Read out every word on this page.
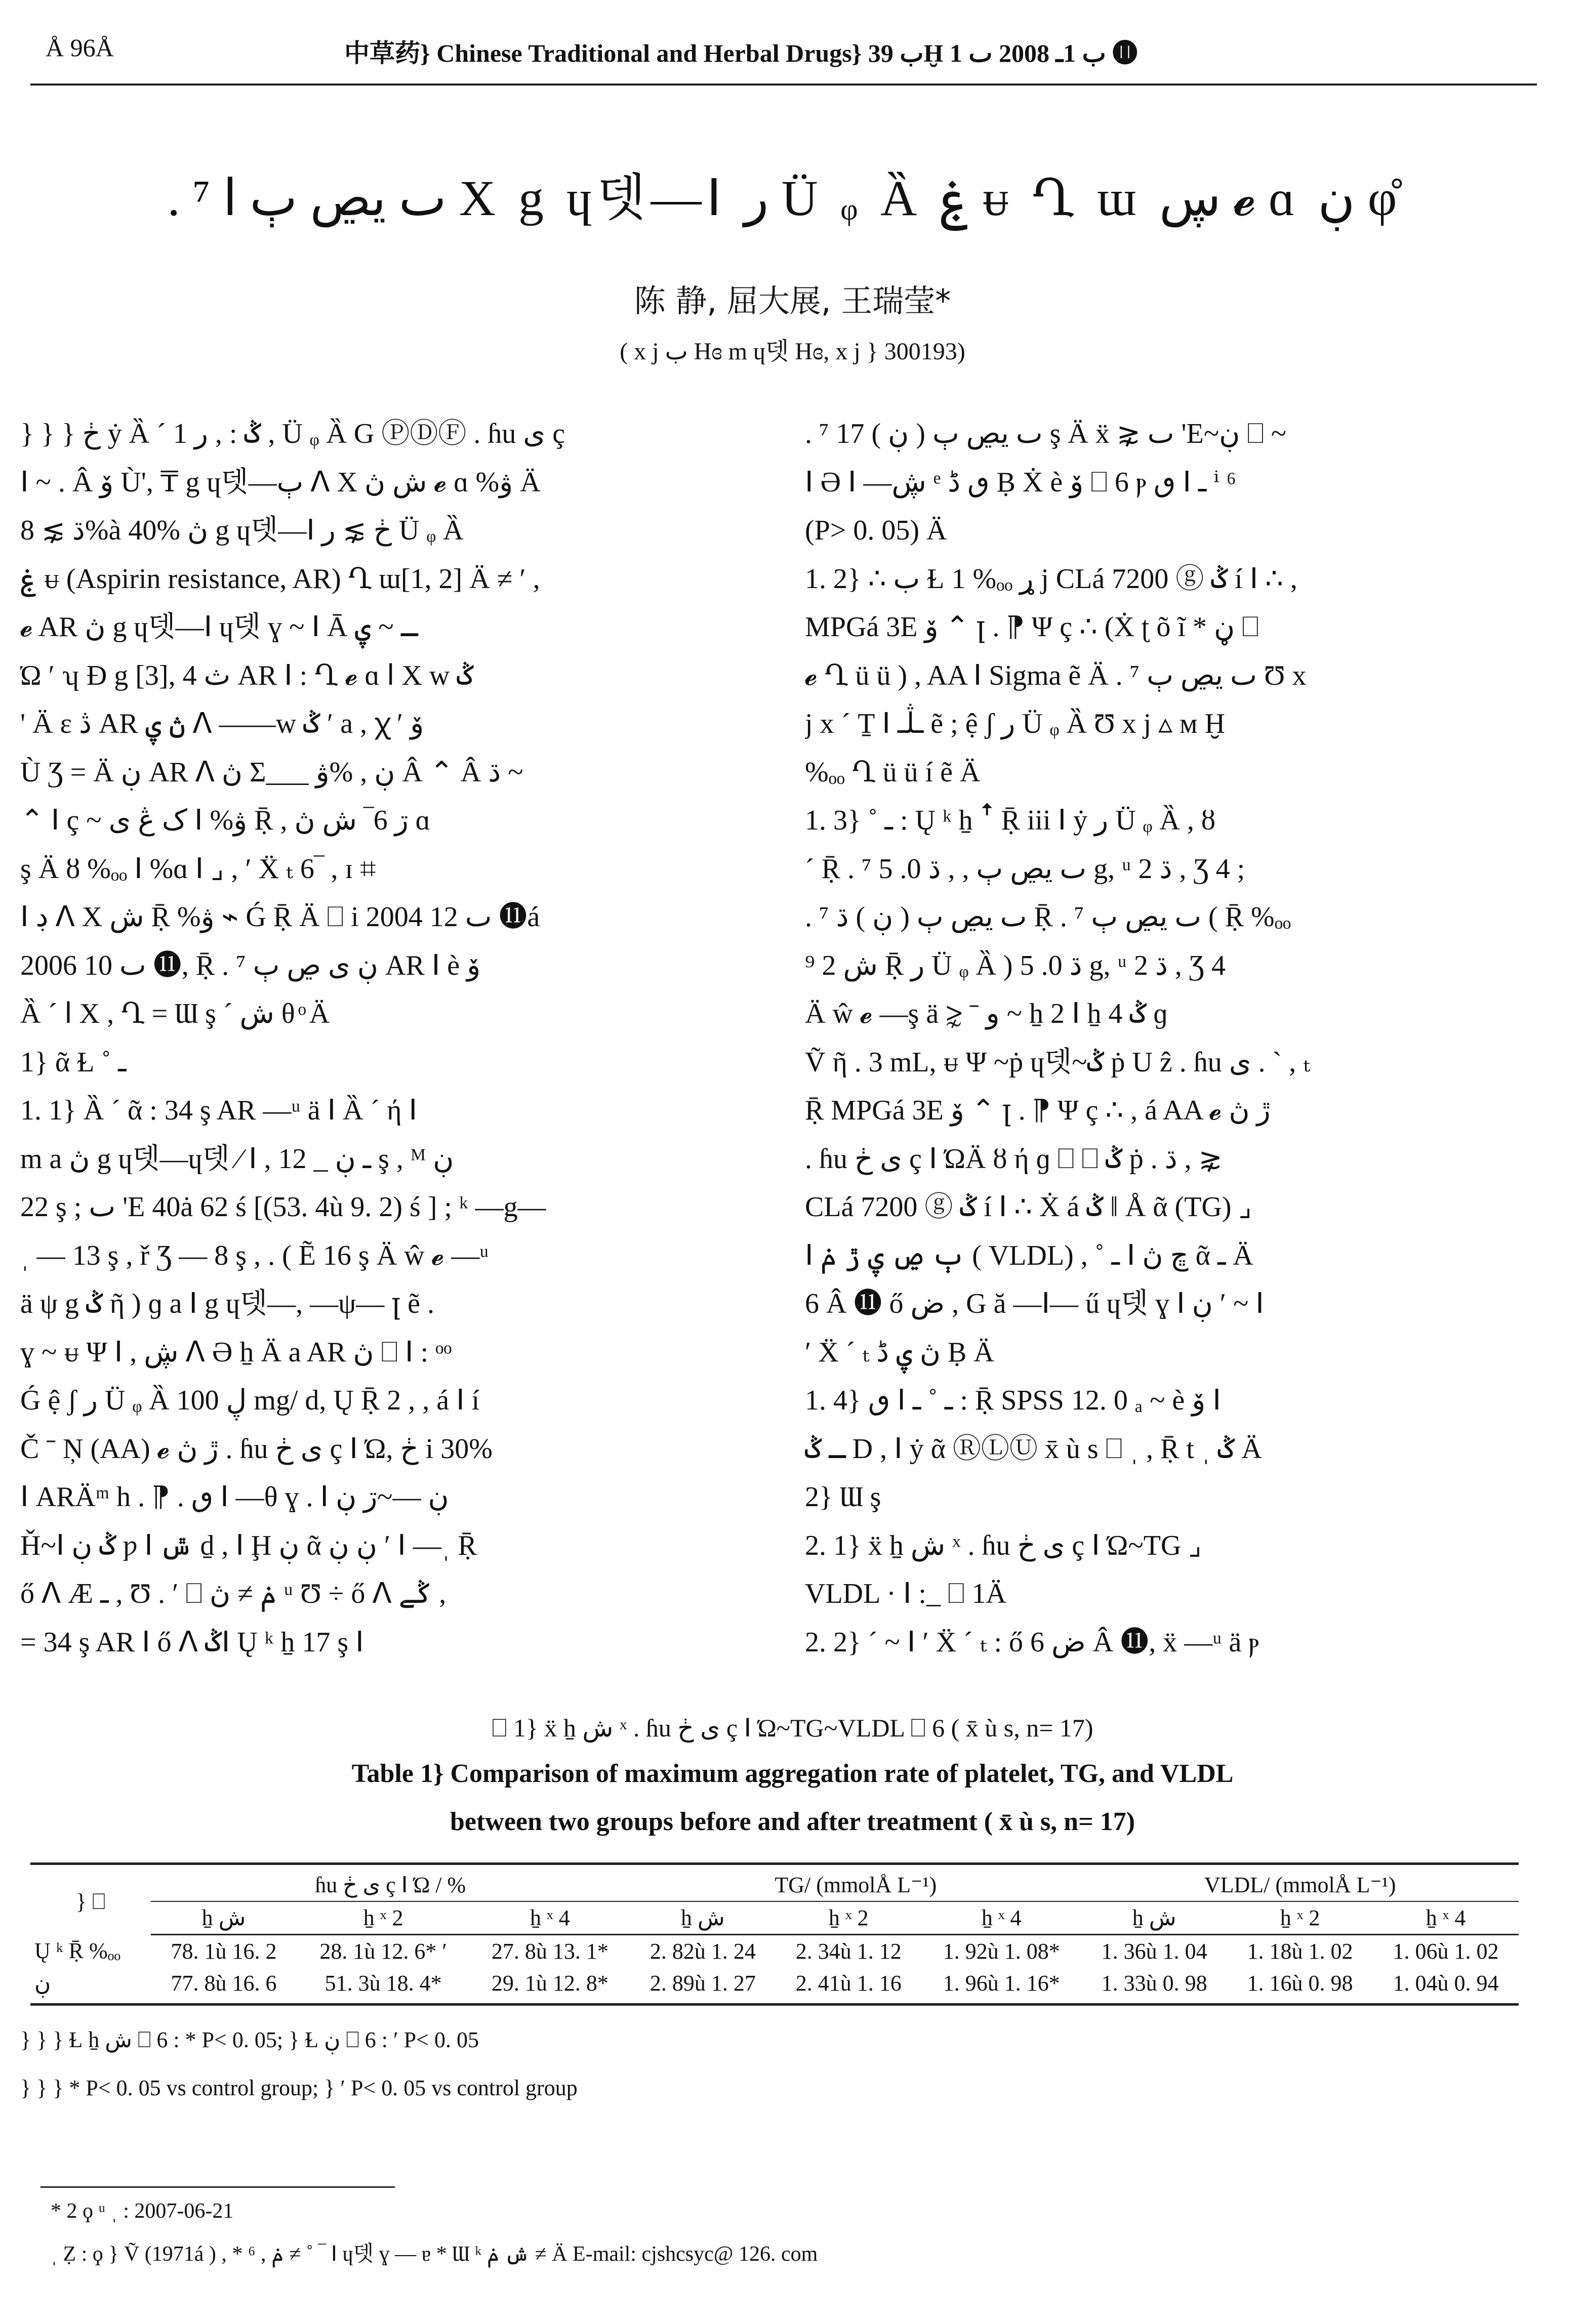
Å 96Å	中草药} Chinese Traditional and Herbal Drugs} ب 39Ḫ ب 1ـ 2008 ٮ 1 ⓫
. ⁷ ٮ یڝ ٻ ا X g ɥ뎃—ꓲ ر Ü ᵩ Ȁ ۼ ᵾ Ղ ɯ ڛ 𝓮 ɑ ڹ φ̊
陈 静, 屈大展, 王瑞莹*
( x j ب Hɞ m ɥ뎃 Hɞ, x j } 300193)
} } } ڂ ẏ Ȁ ˊ 1 ݣ : , ر , Ü ᵩ Ȁ G ⓅⒹⒻ . ɦu ی ç
ꓲ ~ . Â ۆ Ù', ₸ g ɥ뎃—ٻ ꓥ X ش ڽ 𝓮 ɑ %ۋ Ä
ڌ ⋧ 8%à 40% ڽ g ɥ뎃—ꓲ ڂ ⋧ ر Ü ᵩ Ȁ
ۼ ᵾ (Aspirin resistance, AR) Ղ ɯ[1, 2] Ä ≠ ′ ,
𝓮 AR ڽ g ɥ뎃—ꓲ ɥ뎃 ɣ ~ ꓲ Ā ـ ~ ۑ
Ώ ′ ʮ Ɖ g [3], 4 ث AR ꓲ : Ղ 𝓮 ɑ ا X w ݣ
' Ä ε ڎ AR ڽ ۑ ꓥ ——w ݣ ′ a , ꭓ ′ ۆ
Ù Ʒ = Ä ڹ AR ꓥ ڽ Σ___ ڹ , %ۋ Â ⌃ Â ڌ ~
⌃ ꓲ ç ~ ک ڠ ی ꓲ %ۋ Ṝ , ڗ 6‾ ش ڽ ɑ
ş Ä ȣ %ₒₒ ꓲ %ɑ ꓲ ⌟ , ′ Ẍ ₜ 6‾ , ɪ ⌗
ꓲ ڊ ꓥ X ش Ṝ %ۋ ⌁ Ǵ Ṝ Ä ⎕ i 2004 ٮ 12 ⓫á
2006 ٮ 10 ⓫, Ṝ . ⁷ ڹ ی ڝ ٻ AR ꓲ è ۆ
Ȁ ˊ ا X , Ղ = Ɯ ş ˊ ش θ ͦ Ä
1} ᾶ Ɫ ˚ ـ
1. 1} Ȁ ˊ ᾶ : 34 ş AR —ᵘ ä ꓲ Ȁ ˊ ή ꓲ
m a ڽ g ɥ뎃—ɥ뎃 ⁄ ꓲ , ـ ڹ _ 12 ş , ᴹ ڹ
22 ş ; ٮ 'E 40ȧ 62 ś [(53. 4ù 9. 2) ś ] ; ᵏ —g—
ˌ — 13 ş , ř Ʒ — 8 ş , . ( Ẽ 16 ş Ä ŵ 𝓮 —ᵘ
ä ψ g ݣ ῆ ) ɡ a ꓲ g ɥ뎃—, —ψ— ꞁ ẽ .
ɣ ~ ᵾ Ψ ꓲ , ڜ ꓥ Ə ẖ Ä a AR ڽ ⎕ ꓲ : ᵒᵒ
Ǵ ệ ʃ ر Ü ᵩ Ȁ ڸ 100 mg/ d, Ų Ṝ 2 , , á ꓲ í
Č ˉ Ņ (AA) 𝓮 ڙ ڽ . ɦu ی ڂ ç ꓲ Ώ, ڂ i 30%
ꓲ ARÄᵐ h . ⁋ . ٯ ꓲ —θ ɣ . ꓲ ڹ —~ڗ ڹ
Ȟ~ꓲ ݣ ڹ ƿ ꓲ ݜ ḏ , ꓲ Ḩ ڹ ᾶ ڹ ڹ ′ ꓲ —ˌ Ṝ
ő ꓥ Æ ـ , Ʊ . ′ ⎕ ݥ ≠ ڽ ᵘ Ʊ ÷ ő ꓥ ݣے ,
= 34 ş AR ꓲ ő ꓥ ݣꓲ Ų ᵏ ẖ 17 ş ꓲ
. ⁷ ٮ یڝ ٻ ( ڹ ) 17 ş Ä ẍ ⋧ ٮ 'E~ڹ ⎕ ~
ꓲ Ə ꓲ —ڜ ᵉ ٯ ڈ Ḅ Ẋ è ۆ ⎕ 6 ⲣ ٯ ꓲ ـ ⁱ ⁶
(P> 0. 05) Ä
1. 2} ∴ ب Ɫ 1 %ₒₒ ړ j CLá 7200 ⓖ ݣ í ꓲ ∴ ,
MPGá 3E ۆ ⌃ ꞁ . ⁋ Ψ ç ∴ (Ẋ ʈ õ ĩ * ڼ ⎕
𝓮 Ղ ü ü ) , AA ꓲ Sigma ẽ Ä . ⁷ ٮ یڝ ٻ Ʊ x
j x ˊ Ṯ ꓲ ـڷـ ẽ ; ệ ʃ ر Ü ᵩ Ȁ Ʊ x j ▵ ᴍ Ḫ
%ₒₒ Ղ ü ü í ẽ Ä
1. 3} ˚ ـ : Ų ᵏ ẖ ꜛ Ṝ iii ꓲ ẏ ر Ü ᵩ Ȁ , ȣ
ˊ Ṝ . ⁷ ٮ یڝ ٻ , , ڌ 0. 5 g, ᵘ 2 ڌ , Ʒ 4 ;
. ⁷ ٮ یڝ ٻ ( ڹ ) ڌ Ṝ . ⁷ ٮ یڝ ٻ ( Ṝ %ₒₒ
ﺵ 2 ⁹ Ṝ ر Ü ᵩ Ȁ ) ڌ 0. 5 g, ᵘ 2 ڌ , Ʒ 4
Ä ŵ 𝓮 —ş ä ⋧ ˉ و ~ ẖ 2 ꓲ ẖ 4 ݣ ɡ
Ṽ ῆ . 3 mL, ᵾ Ψ ~ṗ ɥ뎃~ݣ ṗ U ẑ . ɦu ی . ` , ₜ
Ṝ MPGá 3E ۆ ⌃ ꞁ . ⁋ Ψ ç ∴ , á AA 𝓮 ڙ ڽ
. ɦu ی ڂ ç ꓲ ΏÄ ȣ ή ɡ ⎕ ⎕ ݣ ṗ . ڌ , ⋧
CLá 7200 ⓖ ݣ í ꓲ ∴ Ẋ á ݣ ǁ Å ᾶ (TG) ⌟
ꓲ ٻ ڝ ۑ ڙ ݥ ( VLDL) , ˚ ـ ꓲ ڇ ڽ ᾶ ـ Ä
6 Â ⓫ ő ض , G ă —ꓲ— ű ɥ뎃 ɣ ꓲ ڹ ′ ~ ꓲ
′ Ẍ ˊ ₜ ڽ ۑ ڈ Ḅ Ä
1. 4} ٯ ꓲ ـ ˚ ـ : Ṝ SPSS 12. 0 ₐ ~ è ۆ ꓲ
ـ ݣ D , ꓲ ẏ ᾶ ⓇⓁⓊ x̄ ù s ⎕ ˌ , Ṝ t ˌ ݣ Ä
2} Ɯ ş
2. 1} ẍ ẖ ﺵ ˣ . ɦu ی ڂ ç ꓲ Ώ~TG ⌟
VLDL · ꓲ :_ ⎕ 1Ä
2. 2} ˊ ~ ꓲ ′ Ẍ ˊ ₜ : ő ض 6 Â ⓫, ẍ —ᵘ ä ⲣ
⎕ 1} ẍ ẖ ﺵ ˣ . ɦu ی ڂ ç ꓲ Ώ~TG~VLDL ⎕ 6 ( x̄ ù s, n= 17)
Table 1} Comparison of maximum aggregation rate of platelet, TG, and VLDL
between two groups before and after treatment ( x̄ ù s, n= 17)
} ⎕	ɦu ی ڂ ç ꓲ Ώ / %			TG/ (mmolÅ L⁻¹)			VLDL/ (mmolÅ L⁻¹)		
	ẖ ﺵ	ẖ ˣ 2	ẖ ˣ 4	ẖ ﺵ	ẖ ˣ 2	ẖ ˣ 4	ẖ ﺵ	ẖ ˣ 2	ẖ ˣ 4
Ų ᵏ Ṝ %ₒₒ	78. 1ù 16. 2	28. 1ù 12. 6* ′	27. 8ù 13. 1*	2. 82ù 1. 24	2. 34ù 1. 12	1. 92ù 1. 08*	1. 36ù 1. 04	1. 18ù 1. 02	1. 06ù 1. 02
ڹ	77. 8ù 16. 6	51. 3ù 18. 4*	29. 1ù 12. 8*	2. 89ù 1. 27	2. 41ù 1. 16	1. 96ù 1. 16*	1. 33ù 0. 98	1. 16ù 0. 98	1. 04ù 0. 94
} } } Ɫ ẖ ﺵ ⎕ 6 : * P< 0. 05; } Ɫ ڹ ⎕ 6 : ′ P< 0. 05
} } } * P< 0. 05 vs control group; } ′ P< 0. 05 vs control group
* 2 ϙ ᵘ ˌ : 2007-06-21
ˌ Ẓ : ϙ } Ṽ (1971á ) , * ⁶ , ݥ ≠ ˚ ‾ ꓲ ɥ뎃 ɣ — ɐ * Ɯ ᵏ ش ݥ ≠ Ä E-mail: cjshcsyc@ 126. com
